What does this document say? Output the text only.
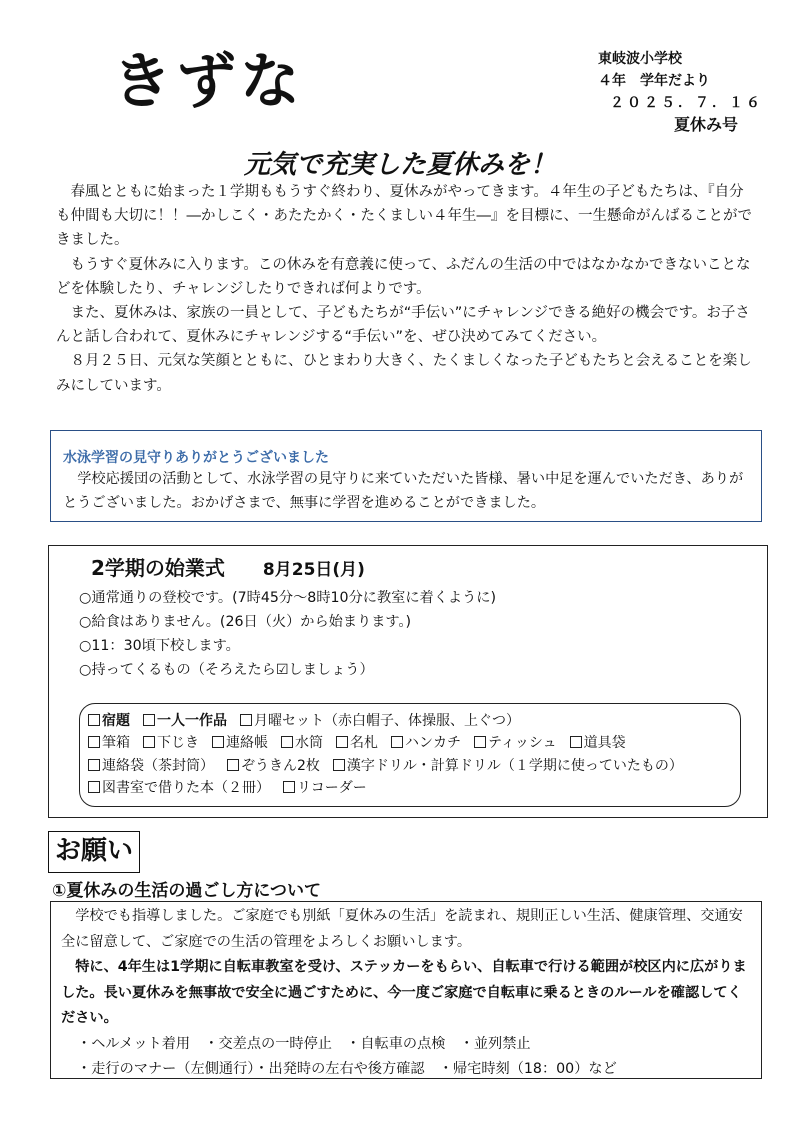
きずな	東岐波小学校
４年　学年だより
２０２５．７．１６
夏休み号
元気で充実した夏休みを！

春風とともに始まった１学期ももうすぐ終わり、夏休みがやってきます。４年生の子どもたちは、『自分も仲間も大切に！！―かしこく・あたたかく・たくましい４年生―』を目標に、一生懸命がんばることができました。

もうすぐ夏休みに入ります。この休みを有意義に使って、ふだんの生活の中ではなかなかできないことなどを体験したり、チャレンジしたりできれば何よりです。

また、夏休みは、家族の一員として、子どもたちが“手伝い”にチャレンジできる絶好の機会です。お子さんと話し合われて、夏休みにチャレンジする“手伝い”を、ぜひ決めてみてください。

８月２５日、元気な笑顔とともに、ひとまわり大きく、たくましくなった子どもたちと会えることを楽しみにしています。

水泳学習の見守りありがとうございました
学校応援団の活動として、水泳学習の見守りに来ていただいた皆様、暑い中足を運んでいただき、ありがとうございました。おかげさまで、無事に学習を進めることができました。
2学期の始業式 8月25日(月)
○通常通りの登校です。(7時45分～8時10分に教室に着くように)
○給食はありません。(26日（火）から始まります。)
○11：30頃下校します。
○持ってくるもの（そろえたら☑しましょう）
宿題 一人一作品 月曜セット（赤白帽子、体操服、上ぐつ）
筆箱 下じき 連絡帳 水筒 名札 ハンカチ ティッシュ 道具袋
連絡袋（茶封筒） ぞうきん2枚 漢字ドリル・計算ドリル（１学期に使っていたもの）
図書室で借りた本（２冊） リコーダー
お願い
①夏休みの生活の過ごし方について

学校でも指導しました。ご家庭でも別紙「夏休みの生活」を読まれ、規則正しい生活、健康管理、交通安全に留意して、ご家庭での生活の管理をよろしくお願いします。

特に、4年生は1学期に自転車教室を受け、ステッカーをもらい、自転車で行ける範囲が校区内に広がりました。長い夏休みを無事故で安全に過ごすために、今一度ご家庭で自転車に乗るときのルールを確認してください。

・ヘルメット着用　・交差点の一時停止　・自転車の点検　・並列禁止
・走行のマナー（左側通行）・出発時の左右や後方確認　・帰宅時刻（18：00）など
